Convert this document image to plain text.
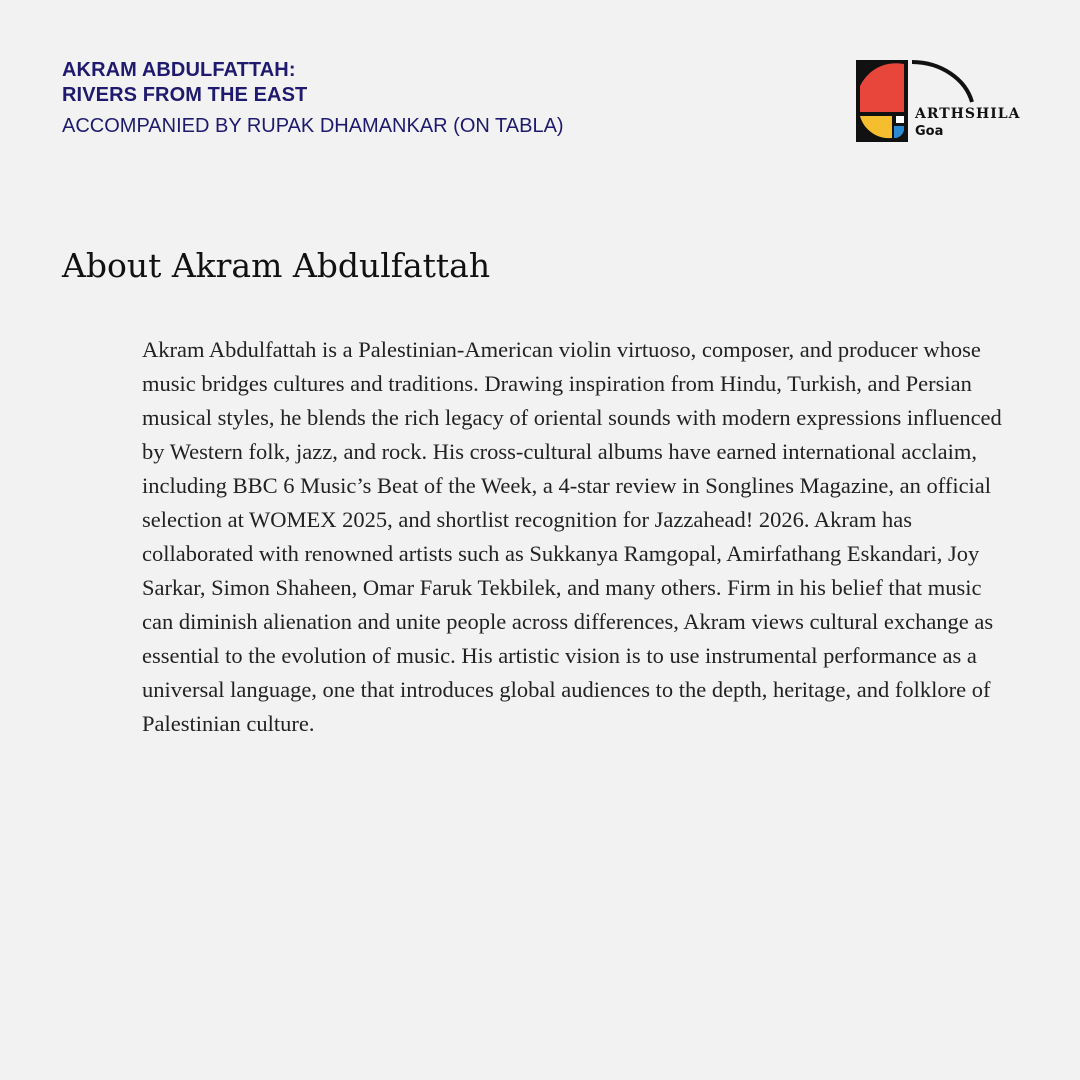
AKRAM ABDULFATTAH:
RIVERS FROM THE EAST

ACCOMPANIED BY RUPAK DHAMANKAR (ON TABLA)

ARTHSHILA
Goa
About Akram Abdulfattah

Akram Abdulfattah is a Palestinian-American violin virtuoso, composer, and producer whose music bridges cultures and traditions. Drawing inspiration from Hindu, Turkish, and Persian musical styles, he blends the rich legacy of oriental sounds with modern expressions influenced by Western folk, jazz, and rock. His cross-cultural albums have earned international acclaim, including BBC 6 Music’s Beat of the Week, a 4-star review in Songlines Magazine, an official selection at WOMEX 2025, and shortlist recognition for Jazzahead! 2026. Akram has collaborated with renowned artists such as Sukkanya Ramgopal, Amirfathang Eskandari, Joy Sarkar, Simon Shaheen, Omar Faruk Tekbilek, and many others. Firm in his belief that music can diminish alienation and unite people across differences, Akram views cultural exchange as essential to the evolution of music. His artistic vision is to use instrumental performance as a universal language, one that introduces global audiences to the depth, heritage, and folklore of Palestinian culture.
